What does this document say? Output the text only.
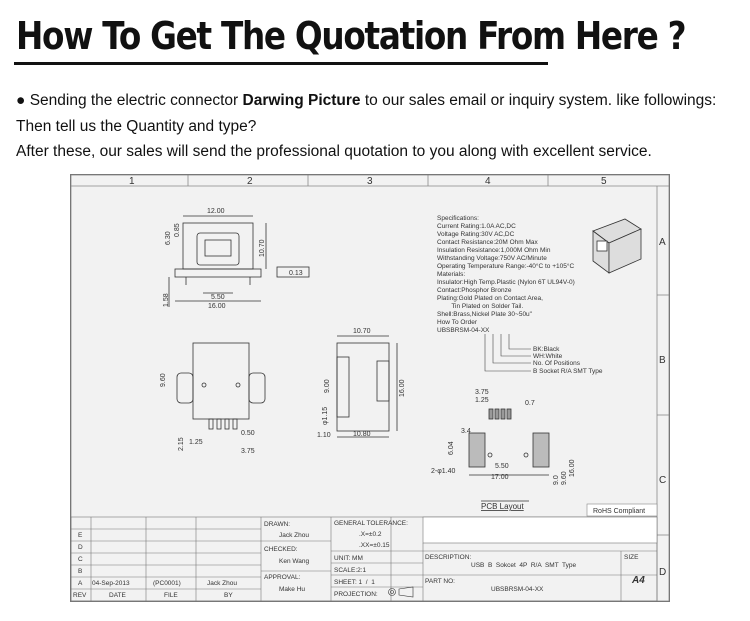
How To Get The Quotation From Here ?
● Sending the electric connector Darwing Picture to our sales email or inquiry system. like followings:
Then tell us the Quantity and type?
After these, our sales will send the professional quotation to you along with excellent service.
1	2	3	4	5
A
B
C
D
12.00
6.30
0.85
10.70
0.13
5.50
16.00
1.58
9.60
2.15 1.25
0.50
3.75
10.70
9.00	16.00
φ1.15
1.10	10.80
Specifications:
Current Rating:1.0A AC,DC
Voltage Rating:30V AC,DC
Contact Resistance:20M Ohm Max
Insulation Resistance:1,000M Ohm Min
Withstanding Voltage:750V AC/Minute
Operating Temperature Range:-40°C to +105°C
Materials:
Insulator:High Temp.Plastic (Nylon 6T UL94V-0)
Contact:Phosphor Bronze
Plating:Gold Plated on Contact Area,
Tin Plated on Solder Tail.
Shell:Brass,Nickel Plate 30~50u"
How To Order
UBSBRSM-04-XX
BK:Black
WH:White
No. Of Positions
B Socket R/A SMT Type
3.75
1.25	0.7
3.4
6.04
2-φ1.40
5.50
17.00	9.0 9.60
16.00
PCB Layout
RoHS Compliant
E
D
C
B
A 04-Sep-2013	(PC0001)	Jack Zhou
REV	DATE	FILE	BY
DRAWN:
Jack Zhou
CHECKED:
Ken Wang
APPROVAL:
Make Hu
GENERAL TOLERANCE:
.X=±0.2
.XX=±0.15
UNIT: MM
SCALE:2:1
SHEET: 1  /  1
PROJECTION:
DESCRIPTION:
USB  B  Sokcet  4P  R/A  SMT  Type
PART NO:
UBSBRSM-04-XX
SIZE
A4
